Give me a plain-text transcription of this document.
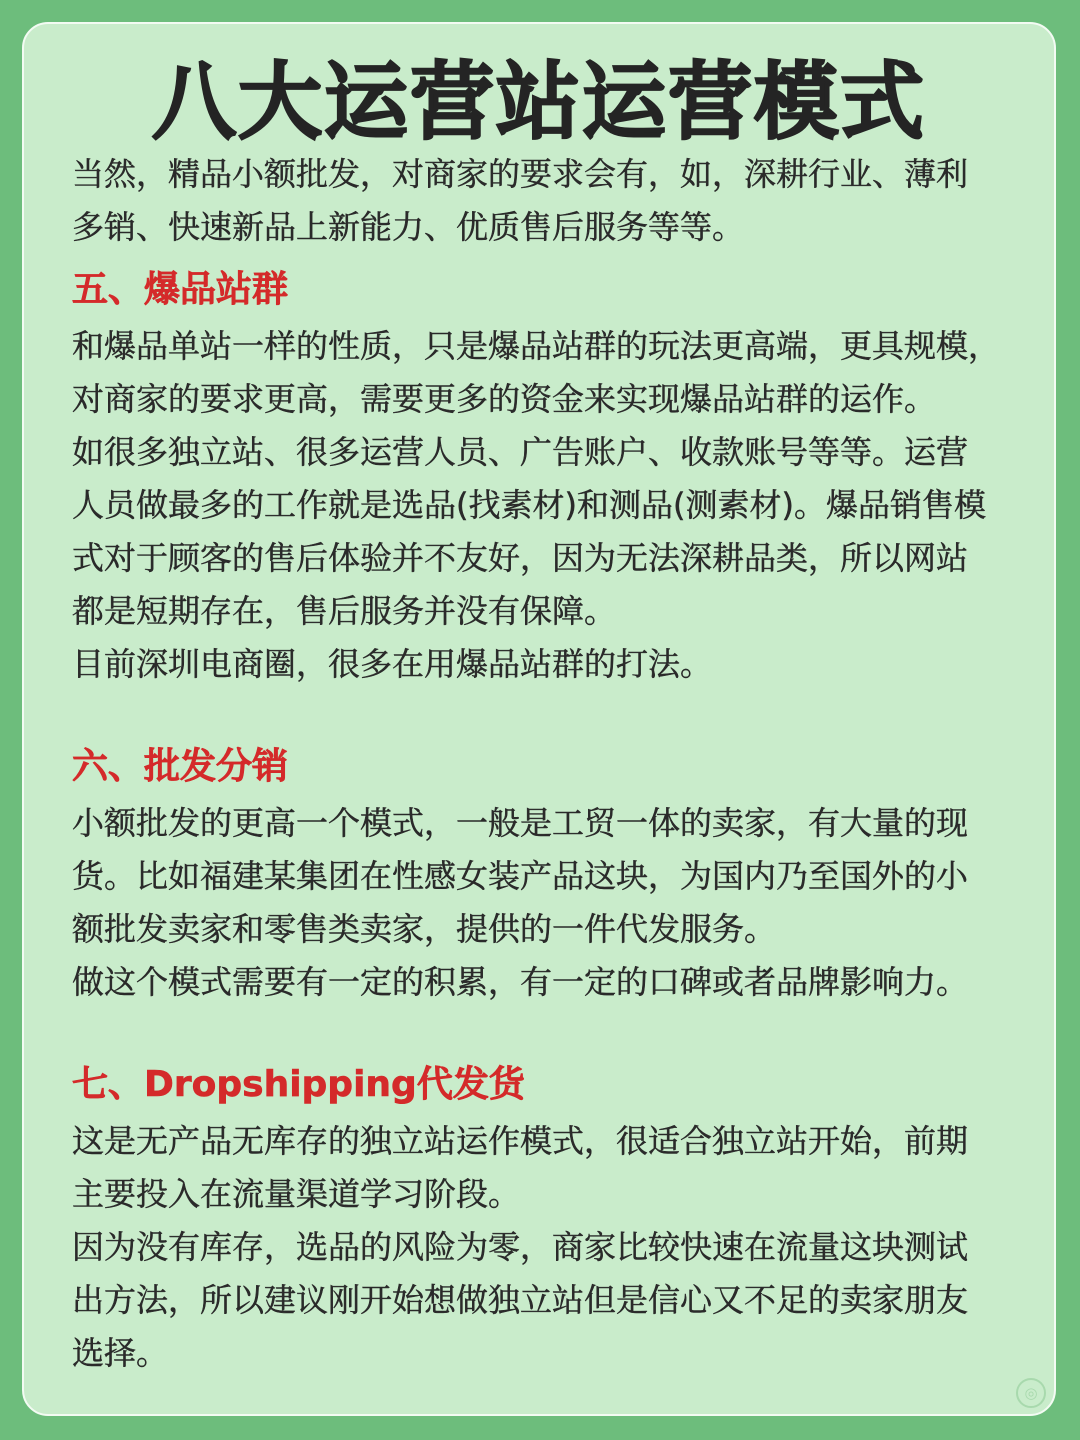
八大运营站运营模式

当然，精品小额批发，对商家的要求会有，如，深耕行业、薄利

多销、快速新品上新能力、优质售后服务等等。

五、爆品站群

和爆品单站一样的性质，只是爆品站群的玩法更高端，更具规模，

对商家的要求更高，需要更多的资金来实现爆品站群的运作。

如很多独立站、很多运营人员、广告账户、收款账号等等。运营

人员做最多的工作就是选品(找素材)和测品(测素材)。爆品销售模

式对于顾客的售后体验并不友好，因为无法深耕品类，所以网站

都是短期存在，售后服务并没有保障。

目前深圳电商圈，很多在用爆品站群的打法。

六、批发分销

小额批发的更高一个模式，一般是工贸一体的卖家，有大量的现

货。比如福建某集团在性感女装产品这块，为国内乃至国外的小

额批发卖家和零售类卖家，提供的一件代发服务。

做这个模式需要有一定的积累，有一定的口碑或者品牌影响力。

七、Dropshipping代发货

这是无产品无库存的独立站运作模式，很适合独立站开始，前期

主要投入在流量渠道学习阶段。

因为没有库存，选品的风险为零，商家比较快速在流量这块测试

出方法，所以建议刚开始想做独立站但是信心又不足的卖家朋友

选择。

◎
